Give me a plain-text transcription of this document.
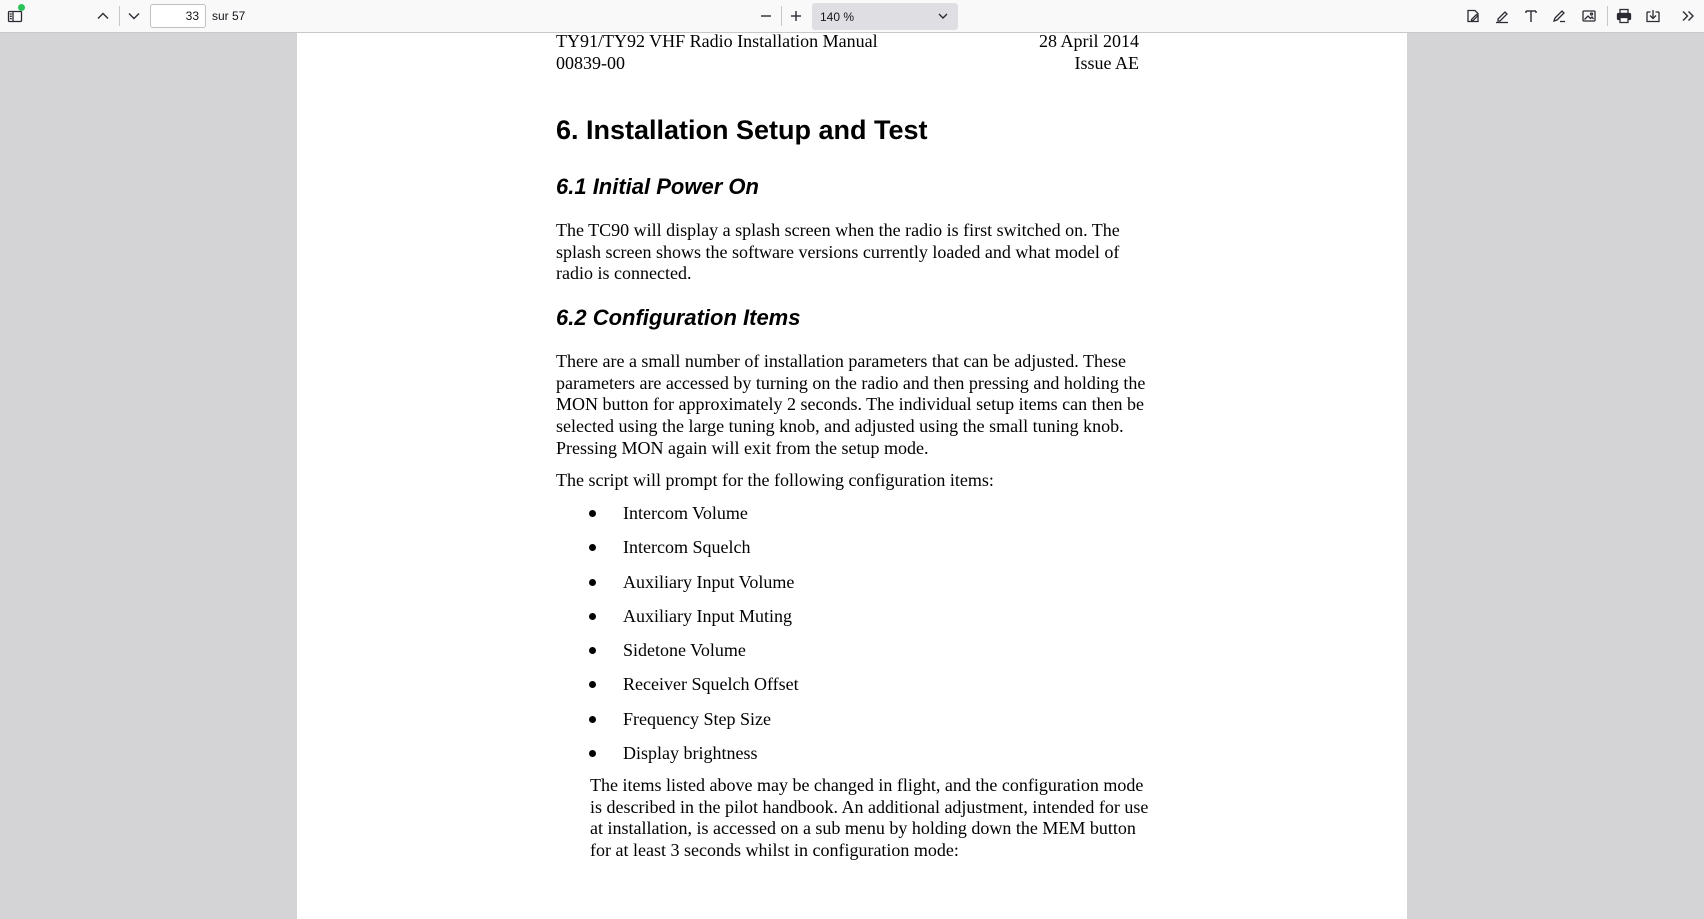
33
sur 57	140 %
TY91/TY92 VHF Radio Installation Manual	28 April 2014
00839-00	Issue AE
6. Installation Setup and Test
6.1 Initial Power On

The TC90 will display a splash screen when the radio is first switched on. The splash screen shows the software versions currently loaded and what model of radio is connected.

6.2 Configuration Items

There are a small number of installation parameters that can be adjusted. These parameters are accessed by turning on the radio and then pressing and holding the MON button for approximately 2 seconds. The individual setup items can then be selected using the large tuning knob, and adjusted using the small tuning knob. Pressing MON again will exit from the setup mode.

The script will prompt for the following configuration items:

Intercom Volume
Intercom Squelch
Auxiliary Input Volume
Auxiliary Input Muting
Sidetone Volume
Receiver Squelch Offset
Frequency Step Size
Display brightness

The items listed above may be changed in flight, and the configuration mode is described in the pilot handbook. An additional adjustment, intended for use at installation, is accessed on a sub menu by holding down the MEM button for at least 3 seconds whilst in configuration mode:
